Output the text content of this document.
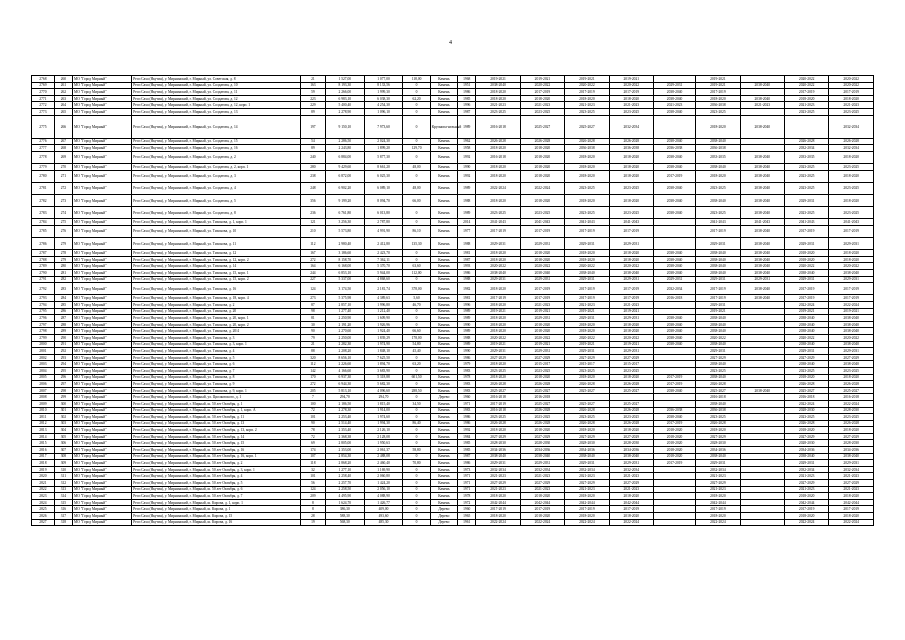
4
2768	260	МО "Город Мирный"	Респ Саха (Якутия), у. Мирнинский, г. Мирный, ул. Советская, д. 8	21	1 527,00	1 077,00	118,00	Камень	1968	2019-2021	2019-2021	2019-2021	2019-2021		2019-2021		2020-2022	2020-2022
2769	261	МО "Город Мирный"	Респ Саха (Якутия), у. Мирнинский, г. Мирный, ул. Солдатова, д. 10	163	8 193,30	8 133,56	0	Камень	1951	2038-2040	2020-2022	2020-2022	2020-2022	2029-2031	2019-2021	2038-2040	2020-2022	2020-2022
2770	262	МО "Город Мирный"	Респ Саха (Якутия), у. Мирнинский, г. Мирный, ул. Солдатова, д. 11	59	2 266,00	1 999,30	0	Камень	1986	2018-2020	2017-2019	2017-2019	2017-2019	2038-2040	2017-2019		2017-2019	2017-2019
2771	263	МО "Город Мирный"	Респ Саха (Якутия), у. Мирнинский, г. Мирный, ул. Солдатова, д. 12	223	6 983,10	6 038,30	62,20	Камень	1985	2018-2020	2018-2020	2018-2020	2018-2020	2038-2040	2018-2020	2038-2040	2018-2020	2018-2020
2772	264	МО "Город Мирный"	Респ Саха (Якутия), у. Мирнинский, г. Мирный, ул. Солдатова, д. 12, корп. 1	229	5 400,40	4 254,30	0	Камень	1996	2021-2023	2021-2023	2021-2023	2021-2023	2021-2023	2036-2038	2021-2023	2021-2023	2021-2023
2773	265	МО "Город Мирный"	Респ Саха (Якутия), у. Мирнинский, г. Мирный, ул. Солдатова, д. 13	89	2 278,90	1 096,10	0	Камень	1987	2023-2025	2023-2025	2023-2025	2023-2025	2038-2040	2023-2025		2023-2025	2023-2025
2775	266	МО "Город Мирный"	Респ Саха (Якутия), у. Мирнинский, г. Мирный, ул. Солдатова, д. 14	197	9 150,10	7 973,60	0	Крупнопа-нельный	1989	2016-2018	2025-2027	2025-2027	2032-2034		2018-2020	2038-2040		2032-2034
2776	267	МО "Город Мирный"	Респ Саха (Якутия), у. Мирнинский, г. Мирный, ул. Солдатова, д. 15	54	2 286,50	2 024,30	0	Камень	1962	2026-2028	2026-2028	2026-2028	2026-2028	2038-2040	2038-2040		2026-2028	2026-2028
2777	268	МО "Город Мирный"	Респ Саха (Якутия), у. Мирнинский, г. Мирный, ул. Солдатова, д. 16	89	2 243,80	1 899,20	129,70	Камень	1958	2018-2020	2018-2020	2036-2038	2036-2038	2036-2038	2036-2038		2032-2034	2032-2034
2778	269	МО "Город Мирный"	Респ Саха (Якутия), у. Мирнинский, г. Мирный, ул. Солдатова, д. 2	240	6 884,00	5 877,30	0	Камень	1992	2016-2018	2018-2020	2018-2020	2018-2020	2038-2040	2033-2035	2038-2040	2033-2035	2018-2020
2779	270	МО "Город Мирный"	Респ Саха (Якутия), у. Мирнинский, г. Мирный, ул. Солдатова, д. 2, корп. 1	280	9 429,60	8 661,20	48,00	Камень	1990	2018-2020	2018-2020	2018-2020	2018-2020	2038-2040	2038-2040	2038-2040	2023-2025	2023-2025
2780	271	МО "Город Мирный"	Респ Саха (Якутия), у. Мирнинский, г. Мирный, ул. Солдатова, д. 3	238	6 872,00	6 025,30	0	Камень	1992	2018-2020	2018-2020	2018-2020	2018-2020	2017-2019	2018-2020	2038-2040	2023-2025	2018-2020
2781	272	МО "Город Мирный"	Респ Саха (Якутия), у. Мирнинский, г. Мирный, ул. Солдатова, д. 4	248	6 902,20	6 089,10	48,00	Камень	1989	2022-2024	2022-2024	2023-2025	2023-2025	2038-2040	2023-2025	2038-2040	2023-2025	2023-2025
2782	273	МО "Город Мирный"	Респ Саха (Якутия), у. Мирнинский, г. Мирный, ул. Солдатова, д. 5	356	9 199,20	8 094,70	66,00	Камень	1988	2018-2020	2018-2020	2018-2020	2018-2020	2038-2040	2038-2040	2038-2040	2029-2031	2018-2020
2783	274	МО "Город Мирный"	Респ Саха (Якутия), у. Мирнинский, г. Мирный, ул. Солдатова, д. 8	236	6 761,80	6 013,80	0	Камень	1989	2023-2025	2023-2025	2023-2025	2023-2025	2038-2040	2023-2025	2038-2040	2023-2025	2023-2025
2784	275	МО "Город Мирный"	Респ Саха (Якутия), у. Мирнинский, г. Мирный, ул. Тихонова, д. 1, корп. 1	121	3 256,30	2 787,80	0	Камень	2014	2041-2043	2041-2043	2041-2043	2041-2043		2041-2043	2041-2043	2041-2043	2041-2043
2785	276	МО "Город Мирный"	Респ Саха (Якутия), у. Мирнинский, г. Мирный, ул. Тихонова, д. 10	210	5 573,80	4 991,90	86,10	Камень	1977	2017-2019	2017-2019	2017-2019	2017-2019		2017-2019	2038-2040	2017-2019	2017-2019
2786	279	МО "Город Мирный"	Респ Саха (Якутия), у. Мирнинский, г. Мирный, ул. Тихонова, д. 11	112	2 980,40	2 412,80	135,30	Камень	1988	2029-2031	2029-2031	2029-2031	2029-2031		2029-2031	2038-2040	2029-2031	2029-2031
2787	278	МО "Город Мирный"	Респ Саха (Якутия), у. Мирнинский, г. Мирный, ул. Тихонова, д. 12	167	3 186,60	2 423,70	0	Камень	1981	2018-2020	2018-2020	2018-2020	2018-2020	2038-2040	2038-2040	2038-2040	2018-2020	2018-2020
2788	279	МО "Город Мирный"	Респ Саха (Якутия), у. Мирнинский, г. Мирный, ул. Тихонова, д. 12, корп. 2	272	8 158,70	7 362,11	0	Камень	1987	2018-2020	2018-2020	2018-2020	2018-2020	2038-2040	2038-2040	2038-2040	2018-2020	2018-2020
2789	280	МО "Город Мирный"	Респ Саха (Якутия), у. Мирнинский, г. Мирный, ул. Тихонова, д. 14	164	6 168,00	5 370,70	63,60	Камень	1993	2020-2022	2020-2022	2020-2022	2020-2022	2038-2040	2038-2040	2038-2040	2020-2022	2020-2022
2790	281	МО "Город Мирный"	Респ Саха (Якутия), у. Мирнинский, г. Мирный, ул. Тихонова, д. 15, корп. 1	244	6 853,10	5 944,00	112,00	Камень	1986	2038-2040	2038-2040	2038-2040	2038-2040	2038-2040	2038-2040	2038-2040	2038-2040	2038-2040
2791	282	МО "Город Мирный"	Респ Саха (Якутия), у. Мирнинский, г. Мирный, ул. Тихонова, д. 15, корп. 2	227	5 337,00	4 868,60	0	Камень	1988	2029-2031	2029-2031	2029-2031	2029-2031	2029-2031	2029-2031	2029-2031	2029-2031	2029-2031
2792	283	МО "Город Мирный"	Респ Саха (Якутия), у. Мирнинский, г. Мирный, ул. Тихонова, д. 16	124	3 174,50	2 181,74	378,00	Камень	1982	2018-2020	2017-2019	2017-2019	2017-2019	2032-2034	2017-2019	2038-2040	2017-2019	2017-2019
2793	284	МО "Город Мирный"	Респ Саха (Якутия), у. Мирнинский, г. Мирный, ул. Тихонова, д. 18, корп. 4	273	5 375,98	4 389,63	5,60	Камень	1981	2017-2019	2017-2019	2017-2019	2017-2019	2016-2018	2017-2019	2038-2040	2017-2019	2017-2019
2794	285	МО "Город Мирный"	Респ Саха (Якутия), у. Мирнинский, г. Мирный, ул. Тихонова, д. 2	87	2 857,10	1 996,80	46,70	Камень	1996	2018-2020	2021-2023	2021-2023	2021-2023		2029-2031		2022-2024	2022-2024
2795	286	МО "Город Мирный"	Респ Саха (Якутия), у. Мирнинский, г. Мирный, ул. Тихонова, д. 20	98	1 277,40	1 212,40	0	Камень	1989	2019-2021	2019-2021	2019-2021	2019-2021		2019-2021		2019-2021	2019-2021
2796	287	МО "Город Мирный"	Респ Саха (Якутия), у. Мирнинский, г. Мирный, ул. Тихонова, д. 20, корп. 1	81	2 250,90	1 609,90	0	Камень	1989	2018-2020	2029-2031	2029-2031	2029-2031	2038-2040	2038-2040		2038-2040	2038-2040
2797	288	МО "Город Мирный"	Респ Саха (Якутия), у. Мирнинский, г. Мирный, ул. Тихонова, д. 20, корп. 2	30	2 191,20	1 926,96	0	Камень	1990	2018-2020	2018-2020	2018-2020	2018-2020	2038-2040	2038-2040		2038-2040	2038-2040
2798	289	МО "Город Мирный"	Респ Саха (Якутия), у. Мирнинский, г. Мирный, ул. Тихонова, д. 20/4	90	2 270,60	1 924,40	66,60	Камень	1989	2018-2020	2018-2020	2018-2020	2018-2020	2038-2040	2038-2040		2038-2040	2038-2040
2799	290	МО "Город Мирный"	Респ Саха (Якутия), у. Мирнинский, г. Мирный, ул. Тихонова, д. 3	79	2 250,00	1 839,29	178,00	Камень	1988	2020-2022	2020-2022	2020-2022	2020-2022	2038-2040	2020-2022		2020-2022	2020-2022
2800	291	МО "Город Мирный"	Респ Саха (Якутия), у. Мирнинский, г. Мирный, ул. Тихонова, д. 3, корп. 1	21	2 282,30	1 974,90	54,80	Камень	1989	2019-2021	2019-2021	2019-2021	2019-2021	2038-2040	2038-2040		2038-2040	2038-2040
2801	292	МО "Город Мирный"	Респ Саха (Якутия), у. Мирнинский, г. Мирный, ул. Тихонова, д. 4	88	2 208,20	1 848,10	45,40	Камень	1990	2029-2031	2029-2031	2029-2031	2029-2031		2029-2031		2029-2031	2029-2031
2802	293	МО "Город Мирный"	Респ Саха (Якутия), у. Мирнинский, г. Мирный, ул. Тихонова, д. 5	320	8 656,10	7 625,50	0	Камень	1986	2027-2029	2027-2029	2027-2029	2027-2029		2027-2029		2027-2029	2027-2029
2803	294	МО "Город Мирный"	Респ Саха (Якутия), у. Мирнинский, г. Мирный, ул. Тихонова, д. 6	112	2 226,60	1 894,70	63,20	Камень	1979	2018-2020	2015-2017	2015-2017	2015-2017		2038-2040		2038-2040	2038-2040
2804	295	МО "Город Мирный"	Респ Саха (Якутия), у. Мирнинский, г. Мирный, ул. Тихонова, д. 7	142	4 166,60	3 683,90	0	Камень	1983	2023-2025	2023-2025	2023-2025	2023-2025		2023-2025		2023-2025	2023-2025
2805	296	МО "Город Мирный"	Респ Саха (Якутия), у. Мирнинский, г. Мирный, ул. Тихонова, д. 8	170	6 937,30	5 318,88	601,50	Камень	1978	2018-2020	2018-2020	2018-2020	2018-2020	2017-2019	2038-2040		2018-2020	2018-2020
2806	297	МО "Город Мирный"	Респ Саха (Якутия), у. Мирнинский, г. Мирный, ул. Тихонова, д. 9	272	6 944,30	5 682,30	0	Камень	1983	2026-2028	2026-2028	2026-2028	2026-2028	2017-2019	2026-2028		2026-2028	2026-2028
2807	298	МО "Город Мирный"	Респ Саха (Якутия), у. Мирнинский, г. Мирный, ул. Тихонова, д. 9, корп. 1	205	5 813,10	4 096,60	288,50	Камень	1983	2025-2027	2025-2027	2025-2027	2025-2027	2038-2040	2025-2027	2038-2040	2025-2027	2025-2027
2808	299	МО "Город Мирный"	Респ Саха (Якутия), у. Мирнинский, г. Мирный, ул. Циолковского, д. 1	7	294,70	294,70	0	Дерево	1960	2016-2018	2016-2018				2016-2018		2016-2018	2016-2018
2809	300	МО "Город Мирный"	Респ Саха (Якутия), у. Мирнинский, г. Мирный, ш. 50 лет Октября, д. 1	100	2 186,50	1 815,40	34,50	Камень	1971	2017-2019	2025-2027	2025-2027	2025-2027		2038-2040		2022-2024	2022-2024
2810	301	МО "Город Мирный"	Респ Саха (Якутия), у. Мирнинский, г. Мирный, ш. 50 лет Октября, д. 1, корп. А	72	2 278,30	1 914,00	0	Камень	1983	2016-2018	2026-2028	2026-2028	2026-2028	2036-2038	2036-2038		2028-2030	2028-2030
2811	302	МО "Город Мирный"	Респ Саха (Якутия), у. Мирнинский, г. Мирный, ш. 50 лет Октября, д. 11	101	2 253,40	1 974,60	0	Камень	1986	2023-2025	2023-2025	2023-2025	2023-2025	2038-2040	2023-2025		2023-2025	2023-2025
2812	303	МО "Город Мирный"	Респ Саха (Якутия), у. Мирнинский, г. Мирный, ш. 50 лет Октября, д. 13	90	2 514,40	1 994,30	86,40	Камень	1986	2026-2028	2026-2028	2026-2028	2026-2028	2017-2019	2026-2028		2026-2028	2026-2028
2813	304	МО "Город Мирный"	Респ Саха (Якутия), у. Мирнинский, г. Мирный, ш. 50 лет Октября, д. 13, корп. 2	78	2 353,40	2 126,10	0	Камень	1992	2018-2020	2018-2020	2018-2020	2018-2020	2018-2020	2018-2020		2018-2020	2018-2020
2814	305	МО "Город Мирный"	Респ Саха (Якутия), у. Мирнинский, г. Мирный, ш. 50 лет Октября, д. 14	72	2 368,38	2 128,08	0	Камень	1984	2027-2029	2027-2029	2027-2029	2027-2029	2018-2020	2027-2029		2027-2029	2027-2029
2815	306	МО "Город Мирный"	Респ Саха (Якутия), у. Мирнинский, г. Мирный, ш. 50 лет Октября, д. 15	69	2 805,00	1 950,63	0	Камень	1985	2028-2030	2028-2030	2028-2030	2028-2030	2018-2020	2028-2030		2028-2030	2028-2030
2816	307	МО "Город Мирный"	Респ Саха (Якутия), у. Мирнинский, г. Мирный, ш. 50 лет Октября, д. 16	174	2 353,00	2 061,37	58,80	Камень	1985	2034-2036	2034-2036	2034-2036	2034-2036	2018-2020	2034-2036		2034-2036	2034-2036
2817	308	МО "Город Мирный"	Респ Саха (Якутия), у. Мирнинский, г. Мирный, ш. 50 лет Октября, д. 16, корп. 1	107	2 854,30	2 488,08	0	Камень	1987	2038-2040	2038-2040	2038-2040	2038-2040	2018-2020	2038-2040		2038-2040	2038-2040
2818	309	МО "Город Мирный"	Респ Саха (Якутия), у. Мирнинский, г. Мирный, ш. 50 лет Октября, д. 2	118	2 868,20	2 460,40	70,80	Камень	1986	2029-2031	2029-2031	2029-2031	2029-2031	2017-2019	2029-2031		2029-2031	2029-2031
2819	310	МО "Город Мирный"	Респ Саха (Якутия), у. Мирнинский, г. Мирный, ш. 50 лет Октября, д. 3, корп. 1	32	1 277,10	1 169,90	0	Камень	1973	2032-2034	2032-2034	2032-2034	2032-2034		2032-2034		2032-2034	2032-2034
2820	311	МО "Город Мирный"	Респ Саха (Якутия), у. Мирнинский, г. Мирный, ш. 50 лет Октября, д. 4	101	2 258,40	2 060,80	0	Камень	1971	2021-2023	2021-2023	2021-2023	2021-2023		2021-2023		2021-2023	2021-2023
2821	312	МО "Город Мирный"	Респ Саха (Якутия), у. Мирнинский, г. Мирный, ш. 50 лет Октября, д. 5	56	2 257,70	1 424,20	0	Камень	1971	2027-2029	2027-2029	2027-2029	2027-2029		2027-2029		2027-2029	2027-2029
2822	313	МО "Город Мирный"	Респ Саха (Якутия), у. Мирнинский, г. Мирный, ш. 50 лет Октября, д. 6	124	2 258,50	2 056,10	0	Камень	1971	2021-2023	2021-2023	2021-2023	2021-2023		2021-2023		2021-2023	2021-2023
2823	314	МО "Город Мирный"	Респ Саха (Якутия), у. Мирнинский, г. Мирный, ш. 50 лет Октября, д. 7	209	4 495,90	4 088,90	0	Камень	1978	2018-2020	2018-2020	2018-2020	2018-2020		2018-2020		2018-2020	2018-2020
2824	315	МО "Город Мирный"	Респ Саха (Якутия), у. Мирнинский, г. Мирный, ш. Кирова, д. 1, корп. 1	8	1 624,70	1 426,77	0	Камень	1972	2042-2044	2042-2044	2042-2044	2042-2044		2042-2044		2042-2044	2042-2044
2825	316	МО "Город Мирный"	Респ Саха (Якутия), у. Мирнинский, г. Мирный, ш. Кирова, д. 1	8	386,30	409,00	0	Дерево	1960	2017-2019	2017-2019	2017-2019	2017-2019		2017-2019		2017-2019	2017-2019
2826	317	МО "Город Мирный"	Респ Саха (Якутия), у. Мирнинский, г. Мирный, ш. Кирова, д. 15	28	588,30	493,60	0	Дерево	1965	2018-2020	2018-2020	2018-2020	2018-2020		2018-2020		2018-2020	2018-2020
2827	318	МО "Город Мирный"	Респ Саха (Якутия), у. Мирнинский, г. Мирный, ш. Кирова, д. 16	19	568,30	485,30	0	Дерево	1961	2022-2024	2022-2024	2022-2024	2022-2024		2022-2024		2022-2024	2022-2024
